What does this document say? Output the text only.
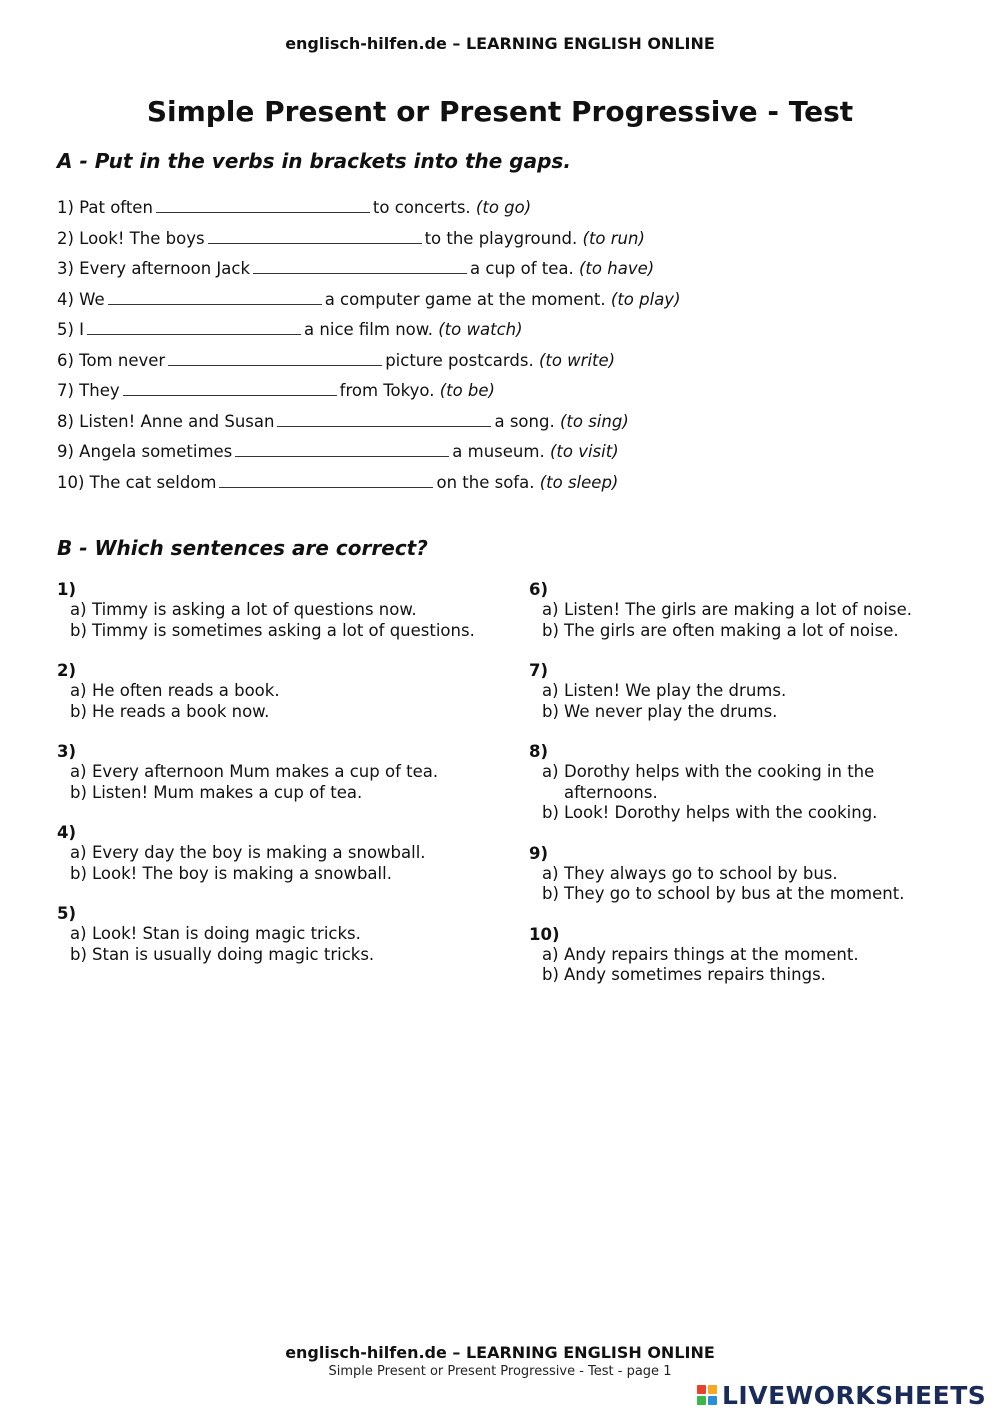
englisch-hilfen.de – LEARNING ENGLISH ONLINE
Simple Present or Present Progressive - Test
A - Put in the verbs in brackets into the gaps.
1) Pat often	to concerts. (to go)
2) Look! The boys	to the playground. (to run)
3) Every afternoon Jack	a cup of tea. (to have)
4) We	a computer game at the moment. (to play)
5) I	a nice film now. (to watch)
6) Tom never	picture postcards. (to write)
7) They	from Tokyo. (to be)
8) Listen! Anne and Susan	a song. (to sing)
9) Angela sometimes	a museum. (to visit)
10) The cat seldom	on the sofa. (to sleep)
B - Which sentences are correct?
1)
a) Timmy is asking a lot of questions now.
b) Timmy is sometimes asking a lot of questions.
2)
a) He often reads a book.
b) He reads a book now.
3)
a) Every afternoon Mum makes a cup of tea.
b) Listen! Mum makes a cup of tea.
4)
a) Every day the boy is making a snowball.
b) Look! The boy is making a snowball.
5)
a) Look! Stan is doing magic tricks.
b) Stan is usually doing magic tricks.
6)
a) Listen! The girls are making a lot of noise.
b) The girls are often making a lot of noise.
7)
a) Listen! We play the drums.
b) We never play the drums.
8)
a) Dorothy helps with the cooking in the afternoons.
b) Look! Dorothy helps with the cooking.
9)
a) They always go to school by bus.
b) They go to school by bus at the moment.
10)
a) Andy repairs things at the moment.
b) Andy sometimes repairs things.
englisch-hilfen.de – LEARNING ENGLISH ONLINE
Simple Present or Present Progressive - Test - page 1
LIVEWORKSHEETS
